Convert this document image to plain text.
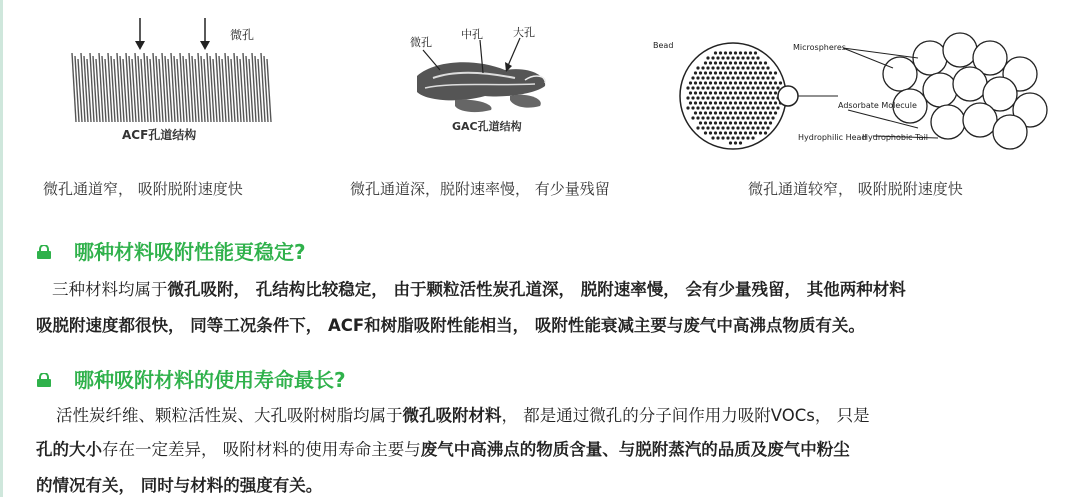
微孔
ACF孔道结构
微孔
中孔	大孔
GAC孔道结构
Bead	Microspheres
Adsorbate Molecule
Hydrophilic Head
Hydrophobic Tail
微孔通道窄， 吸附脱附速度快	微孔通道深，脱附速率慢， 有少量残留	微孔通道较窄， 吸附脱附速度快
哪种材料吸附性能更稳定?
三种材料均属于微孔吸附， 孔结构比较稳定， 由于颗粒活性炭孔道深， 脱附速率慢， 会有少量残留， 其他两种材料
吸脱附速度都很快， 同等工况条件下， ACF和树脂吸附性能相当， 吸附性能衰减主要与废气中高沸点物质有关。
哪种吸附材料的使用寿命最长?
活性炭纤维、颗粒活性炭、大孔吸附树脂均属于微孔吸附材料， 都是通过微孔的分子间作用力吸附VOCs， 只是
孔的大小存在一定差异， 吸附材料的使用寿命主要与废气中高沸点的物质含量、与脱附蒸汽的品质及废气中粉尘
的情况有关， 同时与材料的强度有关。
